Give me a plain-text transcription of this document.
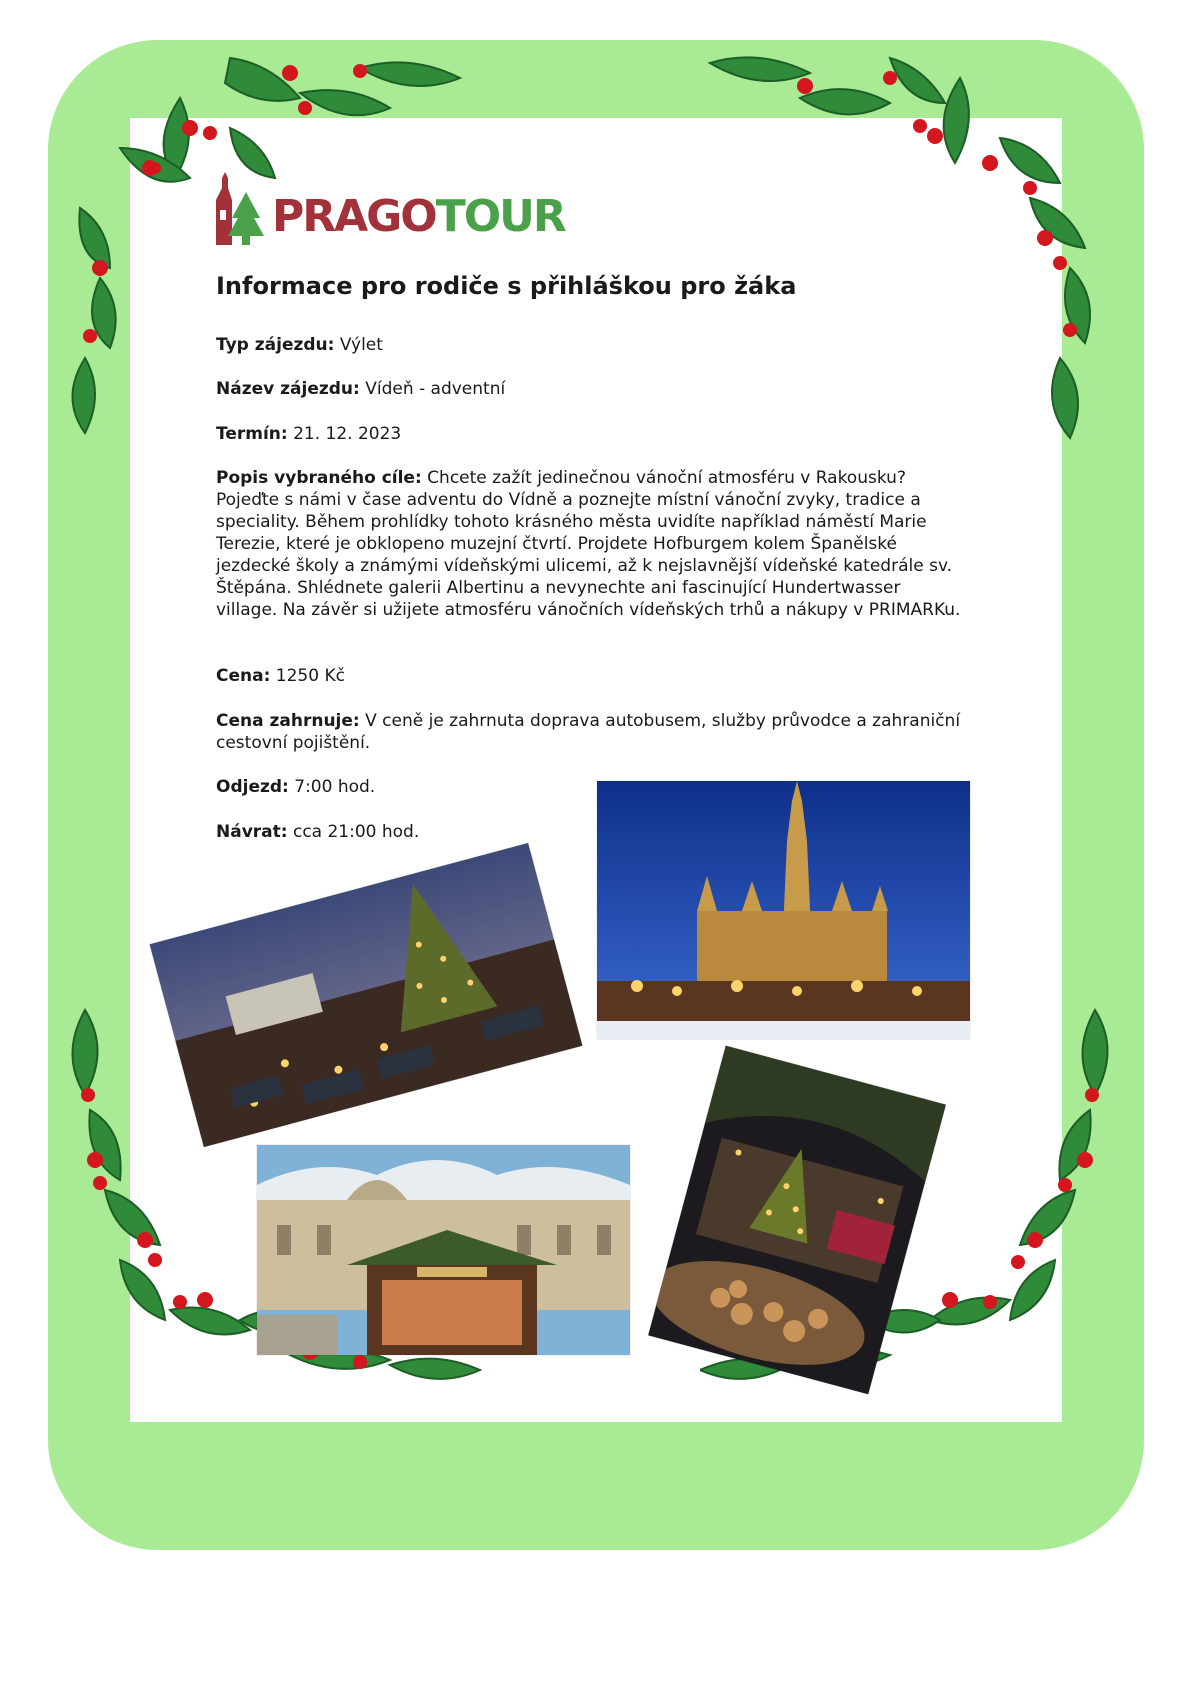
PRAGOTOUR
Informace pro rodiče s přihláškou pro žáka

Typ zájezdu: Výlet

Název zájezdu: Vídeň - adventní

Termín: 21. 12. 2023

Popis vybraného cíle: Chcete zažít jedinečnou vánoční atmosféru v Rakousku? Pojeďte s námi v čase adventu do Vídně a poznejte místní vánoční zvyky, tradice a speciality. Během prohlídky tohoto krásného města uvidíte například náměstí Marie Terezie, které je obklopeno muzejní čtvrtí. Projdete Hofburgem kolem Španělské jezdecké školy a známými vídeňskými ulicemi, až k nejslavnější vídeňské katedrále sv. Štěpána. Shlédnete galerii Albertinu a nevynechte ani fascinující Hundertwasser village. Na závěr si užijete atmosféru vánočních vídeňských trhů a nákupy v PRIMARKu.

Cena: 1250 Kč

Cena zahrnuje: V ceně je zahrnuta doprava autobusem, služby průvodce a zahraniční cestovní pojištění.

Odjezd: 7:00 hod.

Návrat: cca 21:00 hod.
